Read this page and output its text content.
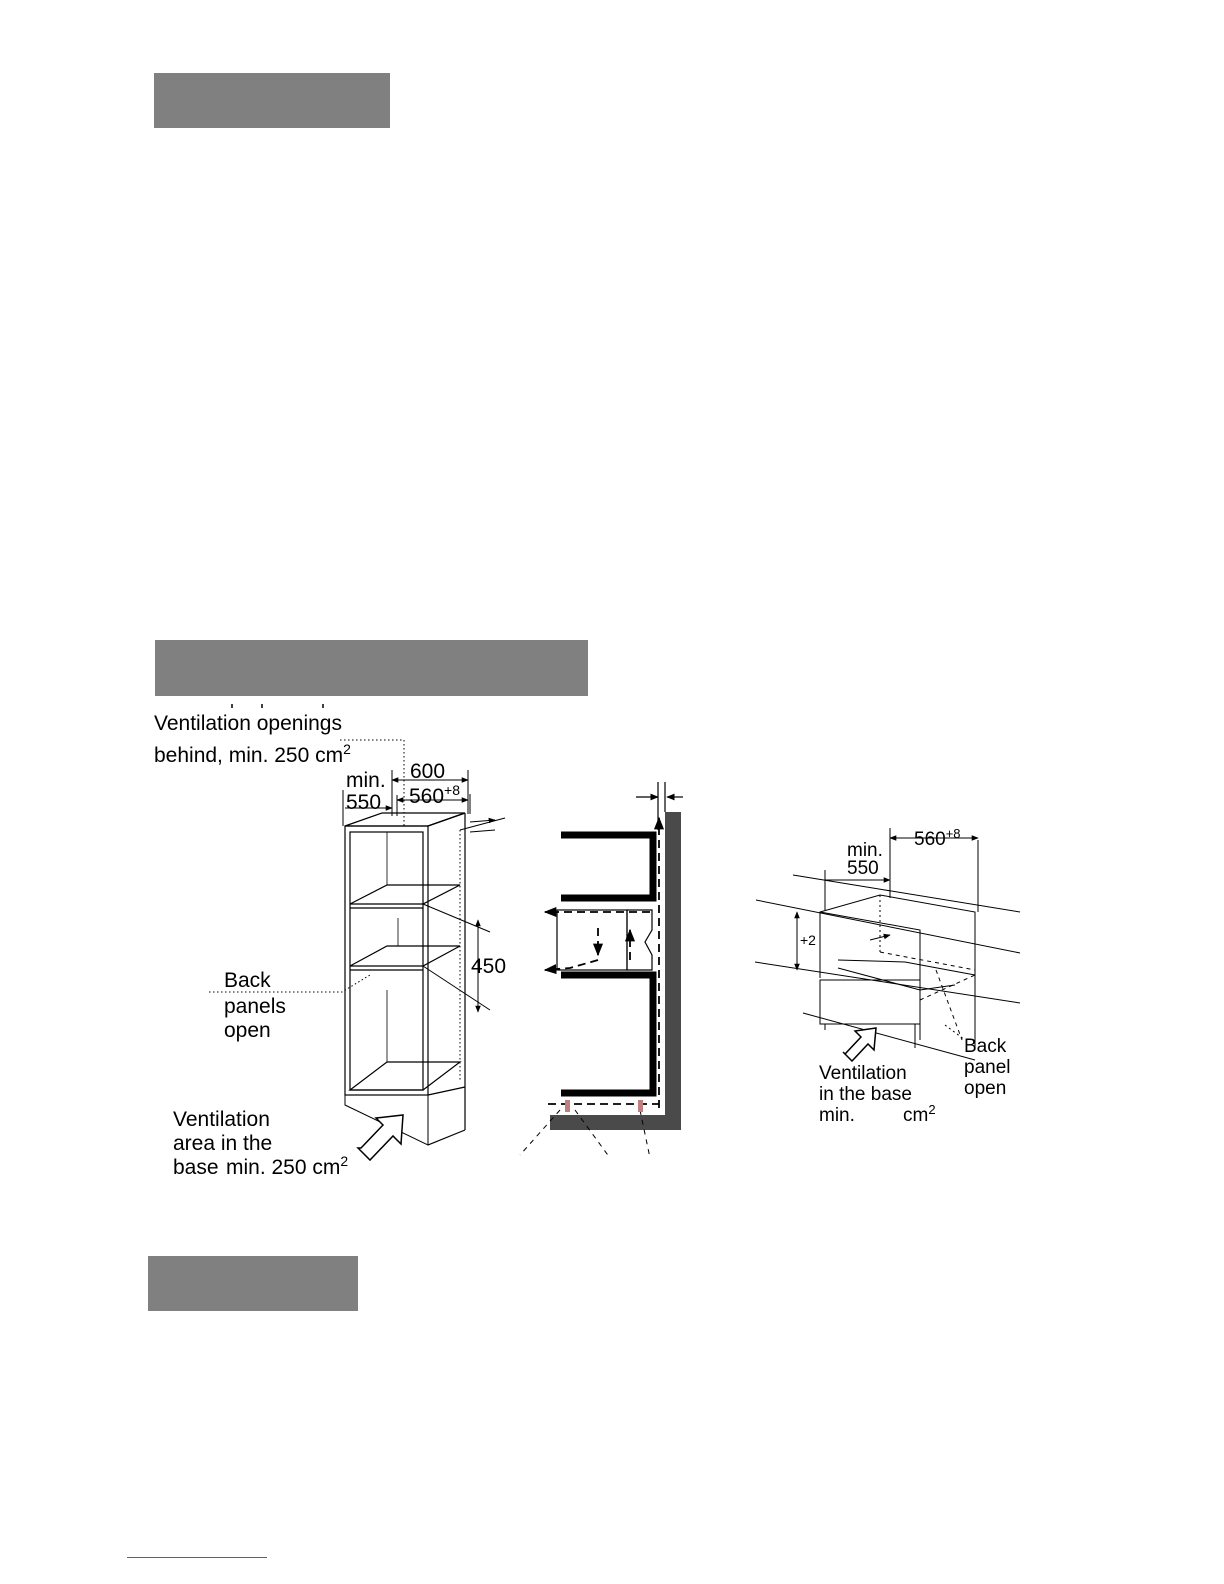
Ventilation openings
behind, min. 250 $cm^2$
min.
550
600
$560^{+8}$
450
Back
panels
open
Ventilation
area in the
base min. 250 $cm^2$
$560^{+8}$
min.
550
+2
Back
panel
open
Ventilation
in the base
min.	$cm^2$
